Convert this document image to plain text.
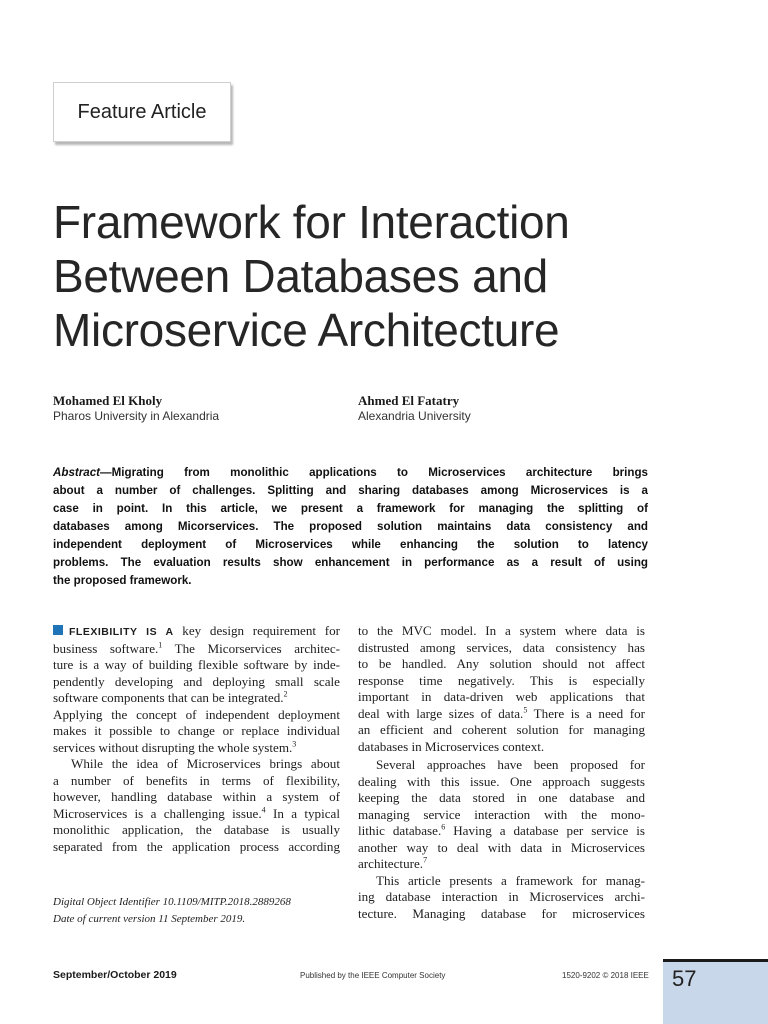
Feature Article
Framework for Interaction
Between Databases and
Microservice Architecture
Mohamed El Kholy
Pharos University in Alexandria
Ahmed El Fatatry
Alexandria University
Abstract—Migrating from monolithic applications to Microservices architecture brings
about a number of challenges. Splitting and sharing databases among Microservices is a
case in point. In this article, we present a framework for managing the splitting of
databases among Micorservices. The proposed solution maintains data consistency and
independent deployment of Microservices while enhancing the solution to latency
problems. The evaluation results show enhancement in performance as a result of using
the proposed framework.
FLEXIBILITY IS A key design requirement for
business software.$^1$ The Micorservices architec-
ture is a way of building flexible software by inde-
pendently developing and deploying small scale
software components that can be integrated.$^2$
Applying the concept of independent deployment
makes it possible to change or replace individual
services without disrupting the whole system.$^3$
While the idea of Microservices brings about
a number of benefits in terms of flexibility,
however, handling database within a system of
Microservices is a challenging issue.$^4$ In a typical
monolithic application, the database is usually
separated from the application process according
to the MVC model. In a system where data is
distrusted among services, data consistency has
to be handled. Any solution should not affect
response time negatively. This is especially
important in data-driven web applications that
deal with large sizes of data.$^5$ There is a need for
an efficient and coherent solution for managing
databases in Microservices context.
Several approaches have been proposed for
dealing with this issue. One approach suggests
keeping the data stored in one database and
managing service interaction with the mono-
lithic database.$^6$ Having a database per service is
another way to deal with data in Microservices
architecture.$^7$
This article presents a framework for manag-
ing database interaction in Microservices archi-
tecture. Managing database for microservices
Digital Object Identifier 10.1109/MITP.2018.2889268
Date of current version 11 September 2019.
September/October 2019	Published by the IEEE Computer Society	1520-9202 © 2018 IEEE 57
